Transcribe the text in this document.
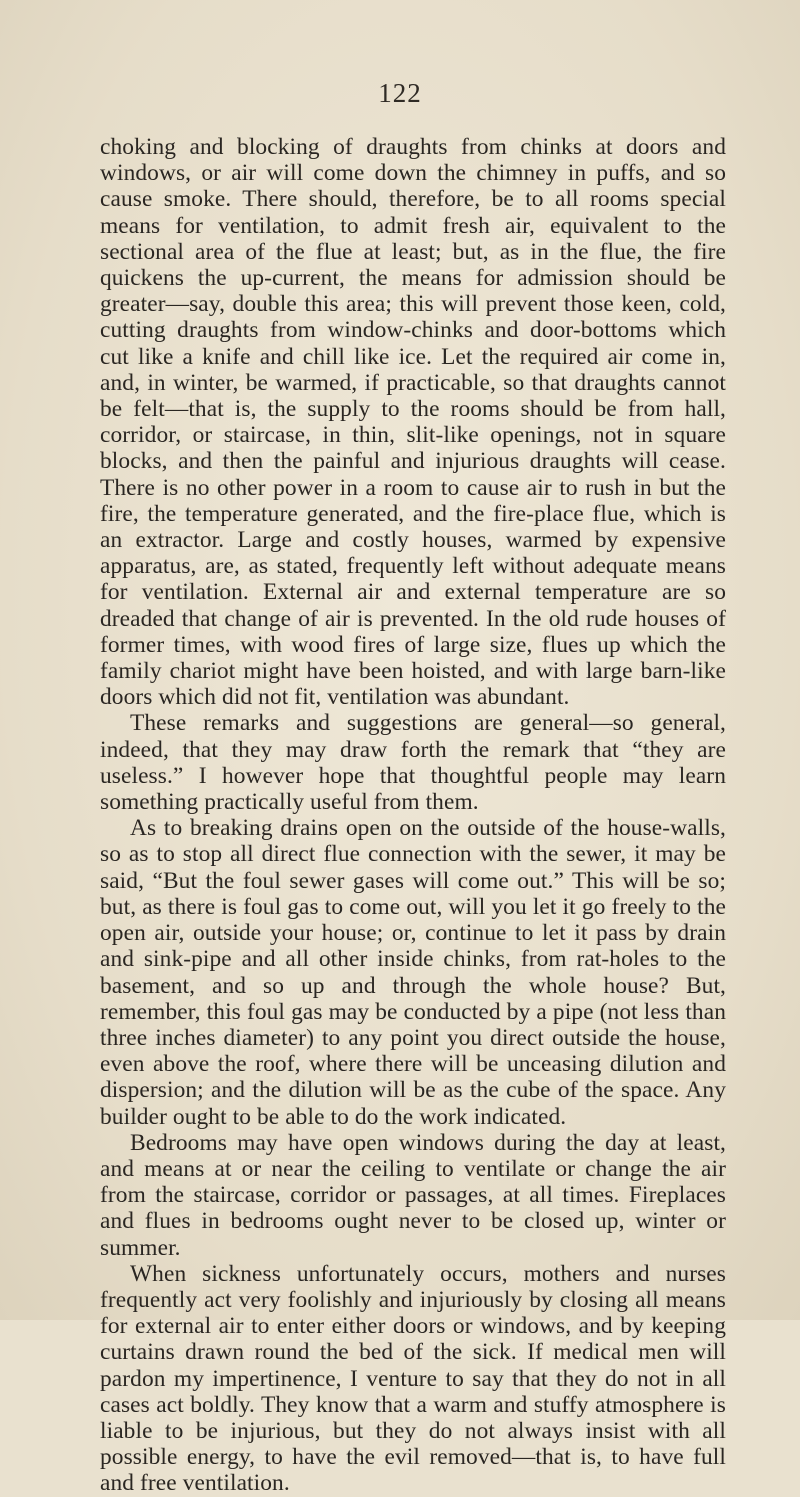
122

choking and blocking of draughts from chinks at doors and windows, or air will come down the chimney in puffs, and so cause smoke. There should, therefore, be to all rooms special means for ventilation, to admit fresh air, equivalent to the sectional area of the flue at least; but, as in the flue, the fire quickens the up-current, the means for admission should be greater—say, double this area; this will prevent those keen, cold, cutting draughts from window-chinks and door-bottoms which cut like a knife and chill like ice. Let the required air come in, and, in winter, be warmed, if practicable, so that draughts cannot be felt—that is, the supply to the rooms should be from hall, corridor, or staircase, in thin, slit-like openings, not in square blocks, and then the painful and injurious draughts will cease. There is no other power in a room to cause air to rush in but the fire, the temperature generated, and the fire-place flue, which is an extractor. Large and costly houses, warmed by expensive apparatus, are, as stated, frequently left without adequate means for ventilation. External air and external temperature are so dreaded that change of air is prevented. In the old rude houses of former times, with wood fires of large size, flues up which the family chariot might have been hoisted, and with large barn-like doors which did not fit, ventilation was abundant.

These remarks and suggestions are general—so general, indeed, that they may draw forth the remark that “they are useless.” I however hope that thoughtful people may learn something practically useful from them.

As to breaking drains open on the outside of the house-walls, so as to stop all direct flue connection with the sewer, it may be said, “But the foul sewer gases will come out.” This will be so; but, as there is foul gas to come out, will you let it go freely to the open air, outside your house; or, continue to let it pass by drain and sink-pipe and all other inside chinks, from rat-holes to the basement, and so up and through the whole house? But, remember, this foul gas may be conducted by a pipe (not less than three inches diameter) to any point you direct outside the house, even above the roof, where there will be unceasing dilution and dispersion; and the dilution will be as the cube of the space. Any builder ought to be able to do the work indicated.

Bedrooms may have open windows during the day at least, and means at or near the ceiling to ventilate or change the air from the staircase, corridor or passages, at all times. Fireplaces and flues in bedrooms ought never to be closed up, winter or summer.

When sickness unfortunately occurs, mothers and nurses frequently act very foolishly and injuriously by closing all means for external air to enter either doors or windows, and by keeping curtains drawn round the bed of the sick. If medical men will pardon my impertinence, I venture to say that they do not in all cases act boldly. They know that a warm and stuffy atmosphere is liable to be injurious, but they do not always insist with all possible energy, to have the evil removed—that is, to have full and free ventilation.
